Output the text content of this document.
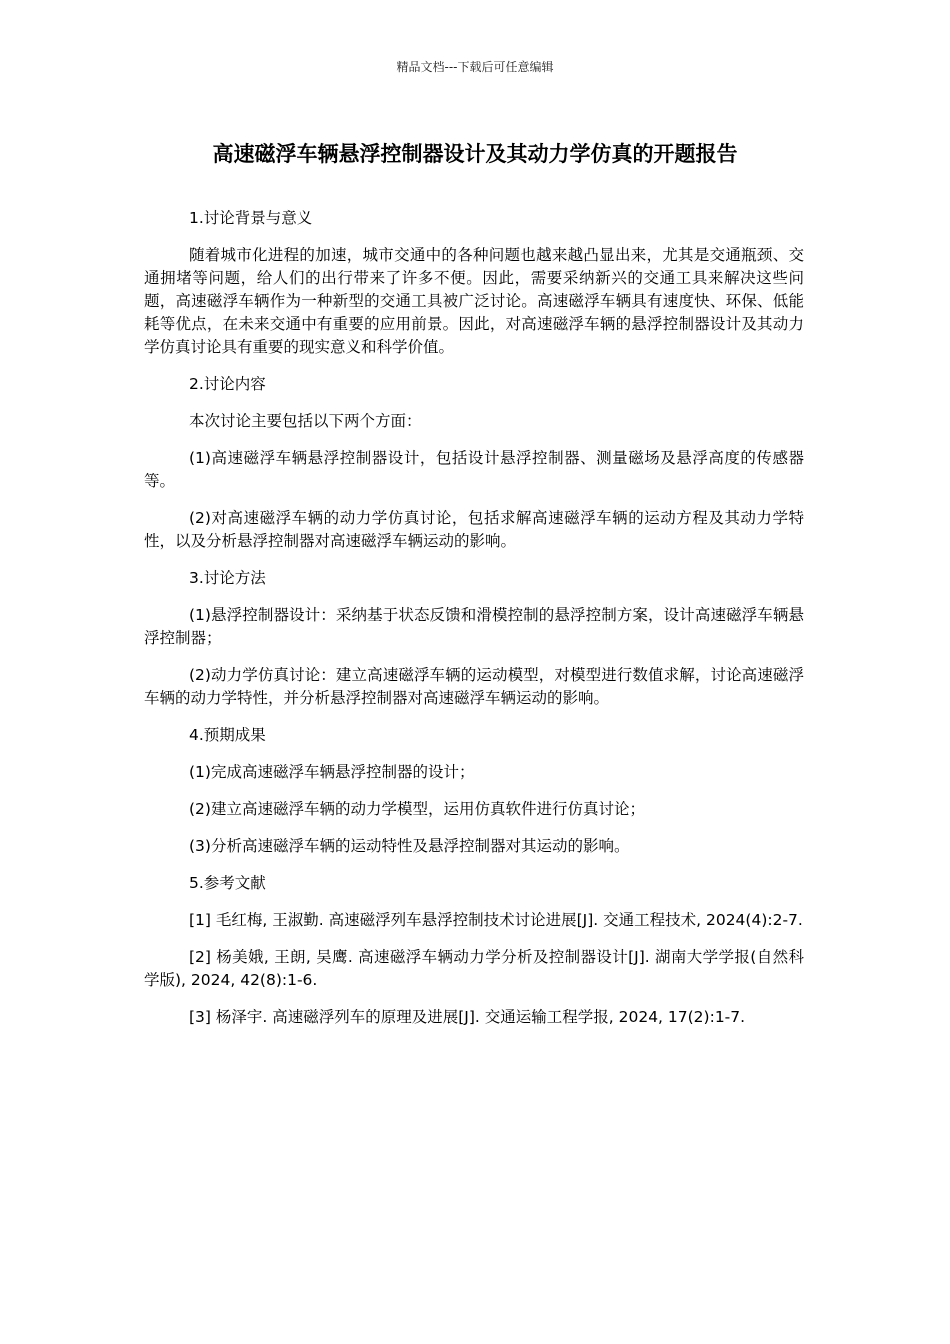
精品文档---下载后可任意编辑
高速磁浮车辆悬浮控制器设计及其动力学仿真的开题报告

1.讨论背景与意义

随着城市化进程的加速，城市交通中的各种问题也越来越凸显出来，尤其是交通瓶颈、交通拥堵等问题，给人们的出行带来了许多不便。因此，需要采纳新兴的交通工具来解决这些问题，高速磁浮车辆作为一种新型的交通工具被广泛讨论。高速磁浮车辆具有速度快、环保、低能耗等优点，在未来交通中有重要的应用前景。因此，对高速磁浮车辆的悬浮控制器设计及其动力学仿真讨论具有重要的现实意义和科学价值。

2.讨论内容

本次讨论主要包括以下两个方面：

(1)高速磁浮车辆悬浮控制器设计，包括设计悬浮控制器、测量磁场及悬浮高度的传感器等。

(2)对高速磁浮车辆的动力学仿真讨论，包括求解高速磁浮车辆的运动方程及其动力学特性，以及分析悬浮控制器对高速磁浮车辆运动的影响。

3.讨论方法

(1)悬浮控制器设计：采纳基于状态反馈和滑模控制的悬浮控制方案，设计高速磁浮车辆悬浮控制器；

(2)动力学仿真讨论：建立高速磁浮车辆的运动模型，对模型进行数值求解，讨论高速磁浮车辆的动力学特性，并分析悬浮控制器对高速磁浮车辆运动的影响。

4.预期成果

(1)完成高速磁浮车辆悬浮控制器的设计；

(2)建立高速磁浮车辆的动力学模型，运用仿真软件进行仿真讨论；

(3)分析高速磁浮车辆的运动特性及悬浮控制器对其运动的影响。

5.参考文献

[1] 毛红梅, 王淑勤. 高速磁浮列车悬浮控制技术讨论进展[J]. 交通工程技术, 2024(4):2-7.

[2] 杨美娥, 王朗, 吴鹰. 高速磁浮车辆动力学分析及控制器设计[J]. 湖南大学学报(自然科学版), 2024, 42(8):1-6.

[3] 杨泽宇. 高速磁浮列车的原理及进展[J]. 交通运输工程学报, 2024, 17(2):1-7.
